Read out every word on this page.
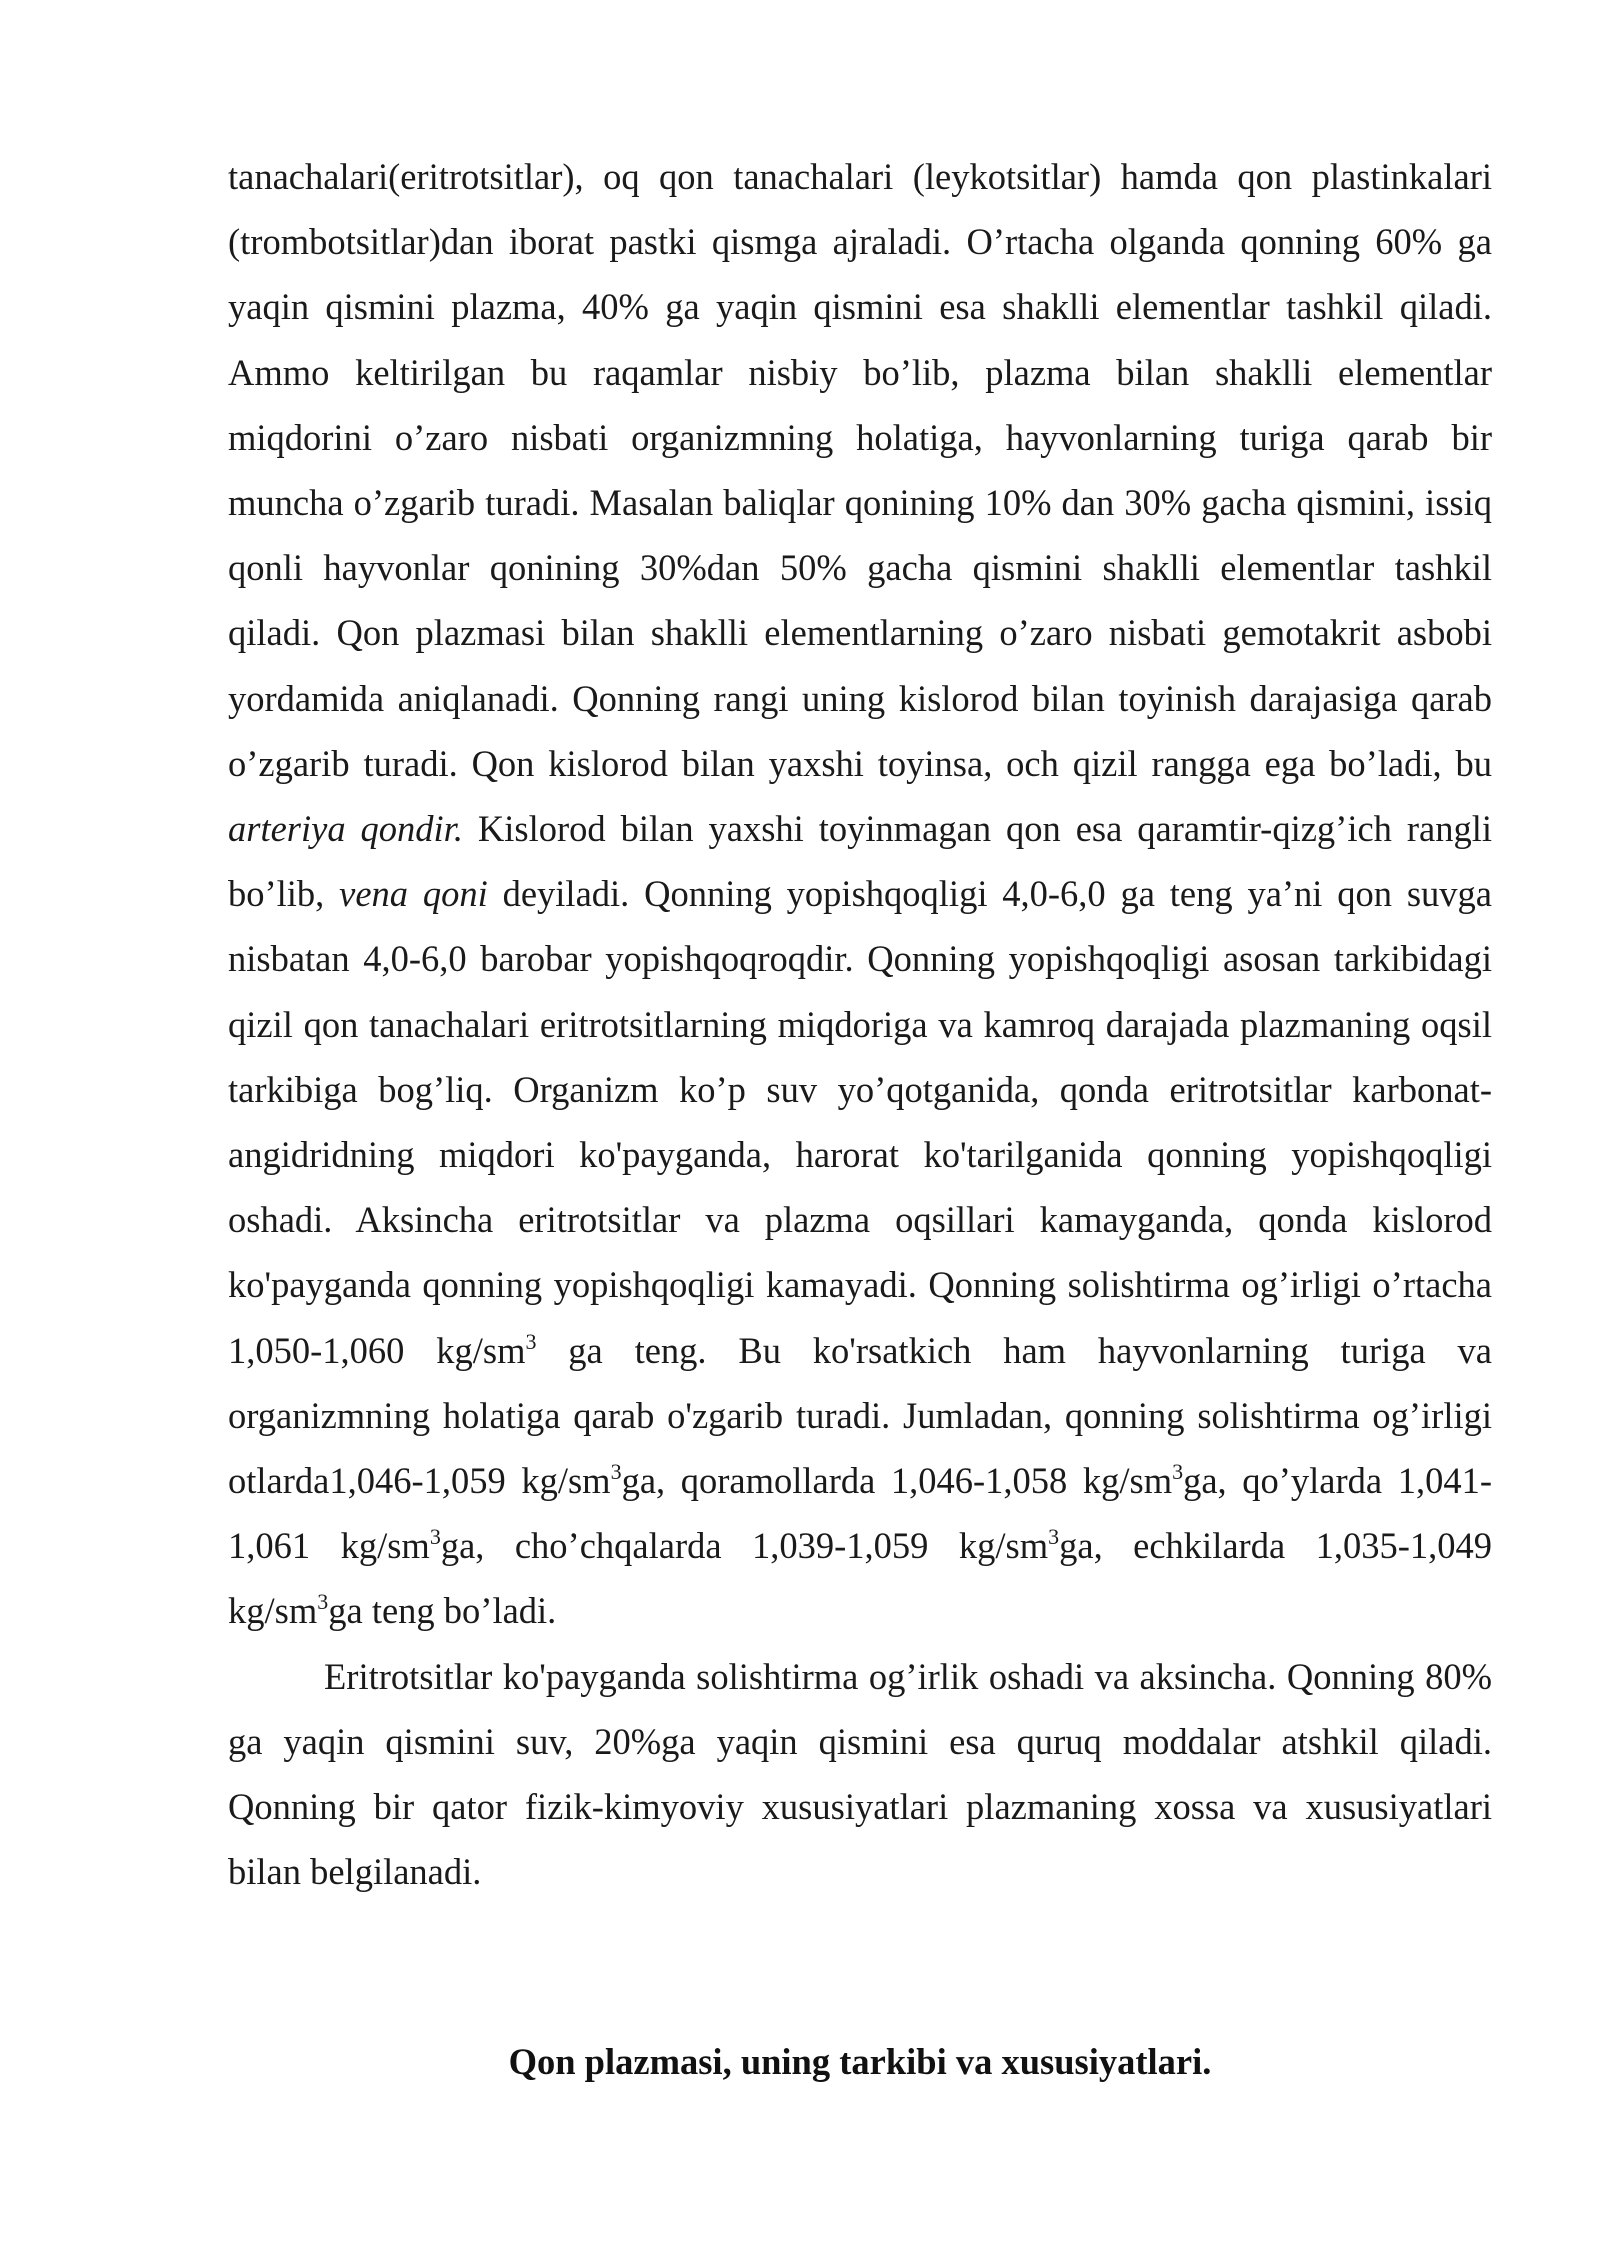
tanachalari(eritrotsitlar), oq qon tanachalari (leykotsitlar) hamda qon plastinkalari (trombotsitlar)dan iborat pastki qismga ajraladi. O’rtacha olganda qonning 60% ga yaqin qismini plazma, 40% ga yaqin qismini esa shaklli elementlar tashkil qiladi. Ammo keltirilgan bu raqamlar nisbiy bo’lib, plazma bilan shaklli elementlar miqdorini o’zaro nisbati organizmning holatiga, hayvonlarning turiga qarab bir muncha o’zgarib turadi. Masalan baliqlar qonining 10% dan 30% gacha qismini, issiq qonli hayvonlar qonining 30%dan 50% gacha qismini shaklli elementlar tashkil qiladi. Qon plazmasi bilan shaklli elementlarning o’zaro nisbati gemotakrit asbobi yordamida aniqlanadi. Qonning rangi uning kislorod bilan toyinish darajasiga qarab o’zgarib turadi. Qon kislorod bilan yaxshi toyinsa, och qizil rangga ega bo’ladi, bu arteriya qondir. Kislorod bilan yaxshi toyinmagan qon esa qaramtir-qizg’ich rangli bo’lib, vena qoni deyiladi. Qonning yopishqoqligi 4,0-6,0 ga teng ya’ni qon suvga nisbatan 4,0-6,0 barobar yopishqoqroqdir. Qonning yopishqoqligi asosan tarkibidagi qizil qon tanachalari eritrotsitlarning miqdoriga va kamroq darajada plazmaning oqsil tarkibiga bog’liq. Organizm ko’p suv yo’qotganida, qonda eritrotsitlar karbonat-angidridning miqdori ko'payganda, harorat ko'tarilganida qonning yopishqoqligi oshadi. Aksincha eritrotsitlar va plazma oqsillari kamayganda, qonda kislorod ko'payganda qonning yopishqoqligi kamayadi. Qonning solishtirma og’irligi o’rtacha 1,050-1,060 $kg/sm^3$ ga teng. Bu ko'rsatkich ham hayvonlarning turiga va organizmning holatiga qarab o'zgarib turadi. Jumladan, qonning solishtirma og’irligi otlarda1,046-1,059 $kg/sm^3ga$, qoramollarda 1,046-1,058 $kg/sm^3ga$, qo’ylarda 1,041-1,061 $kg/sm^3ga$, cho’chqalarda 1,039-1,059 $kg/sm^3ga$, echkilarda 1,035-1,049 $kg/sm^3ga$ teng bo’ladi.

Eritrotsitlar ko'payganda solishtirma og’irlik oshadi va aksincha. Qonning 80% ga yaqin qismini suv, 20%ga yaqin qismini esa quruq moddalar atshkil qiladi. Qonning bir qator fizik-kimyoviy xususiyatlari plazmaning xossa va xususiyatlari bilan belgilanadi.

Qon plazmasi, uning tarkibi va xususiyatlari.
